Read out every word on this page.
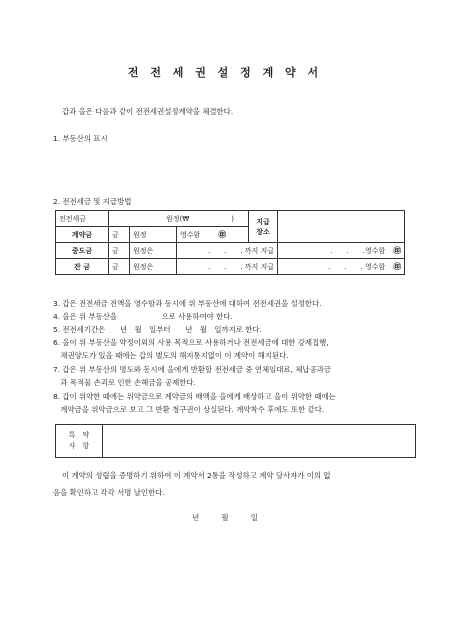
전 전 세 권 설 정 계 약 서
갑과 을은 다음과 같이 전전세권설정계약을 체결한다.
1. 부동산의 표시
2. 전전세금 및 지급방법
전전세금	원정(₩　　　　　　)			지급 장소	
계약금	금	원정	영수함 ㊞		
중도금	금	원정은	.　　.　　. 까지 지급		.　　.　　.영수함 ㊞
잔 금	금	원정은	.　　.　　. 까지 지급		.　　.　　. 영수함 ㊞
3. 갑은 전전세금 전액을 영수함과 동시에 위 부동산에 대하여 전전세권을 설정한다.
4. 을은 위 부동산을　　　　　　으로 사용하여야 한다.
5. 전전세기간은　　년　월　일부터　　년　월　일까지로 한다.
6. 을이 위 부동산을 약정이외의 사용 목적으로 사용하거나 전전세금에 대한 강제집행,
　채권양도가 있을 때에는 갑의 별도의 해지통지없이 이 계약이 해지된다.
7. 갑은 위 부동산의 명도와 동시에 을에게 반환할 전전세금 중 연체임대료, 체납공과금
　과 목적물 손괴로 인한 손해금을 공제한다.
8. 갑이 위약한 때에는 위약금으로 계약금의 배액을 을에게 배상하고 을이 위약한 때에는
　계약금을 위약금으로 보고 그 반환 청구권이 상실된다. 계약착수 후에도 또한 같다.
특　약
사　항
이 계약의 성립을 증명하기 위하여 이 계약서 2통을 작성하고 계약 당사자가 이의 없
음을 확인하고 각각 서명 날인한다.
년　　　월　　　일
